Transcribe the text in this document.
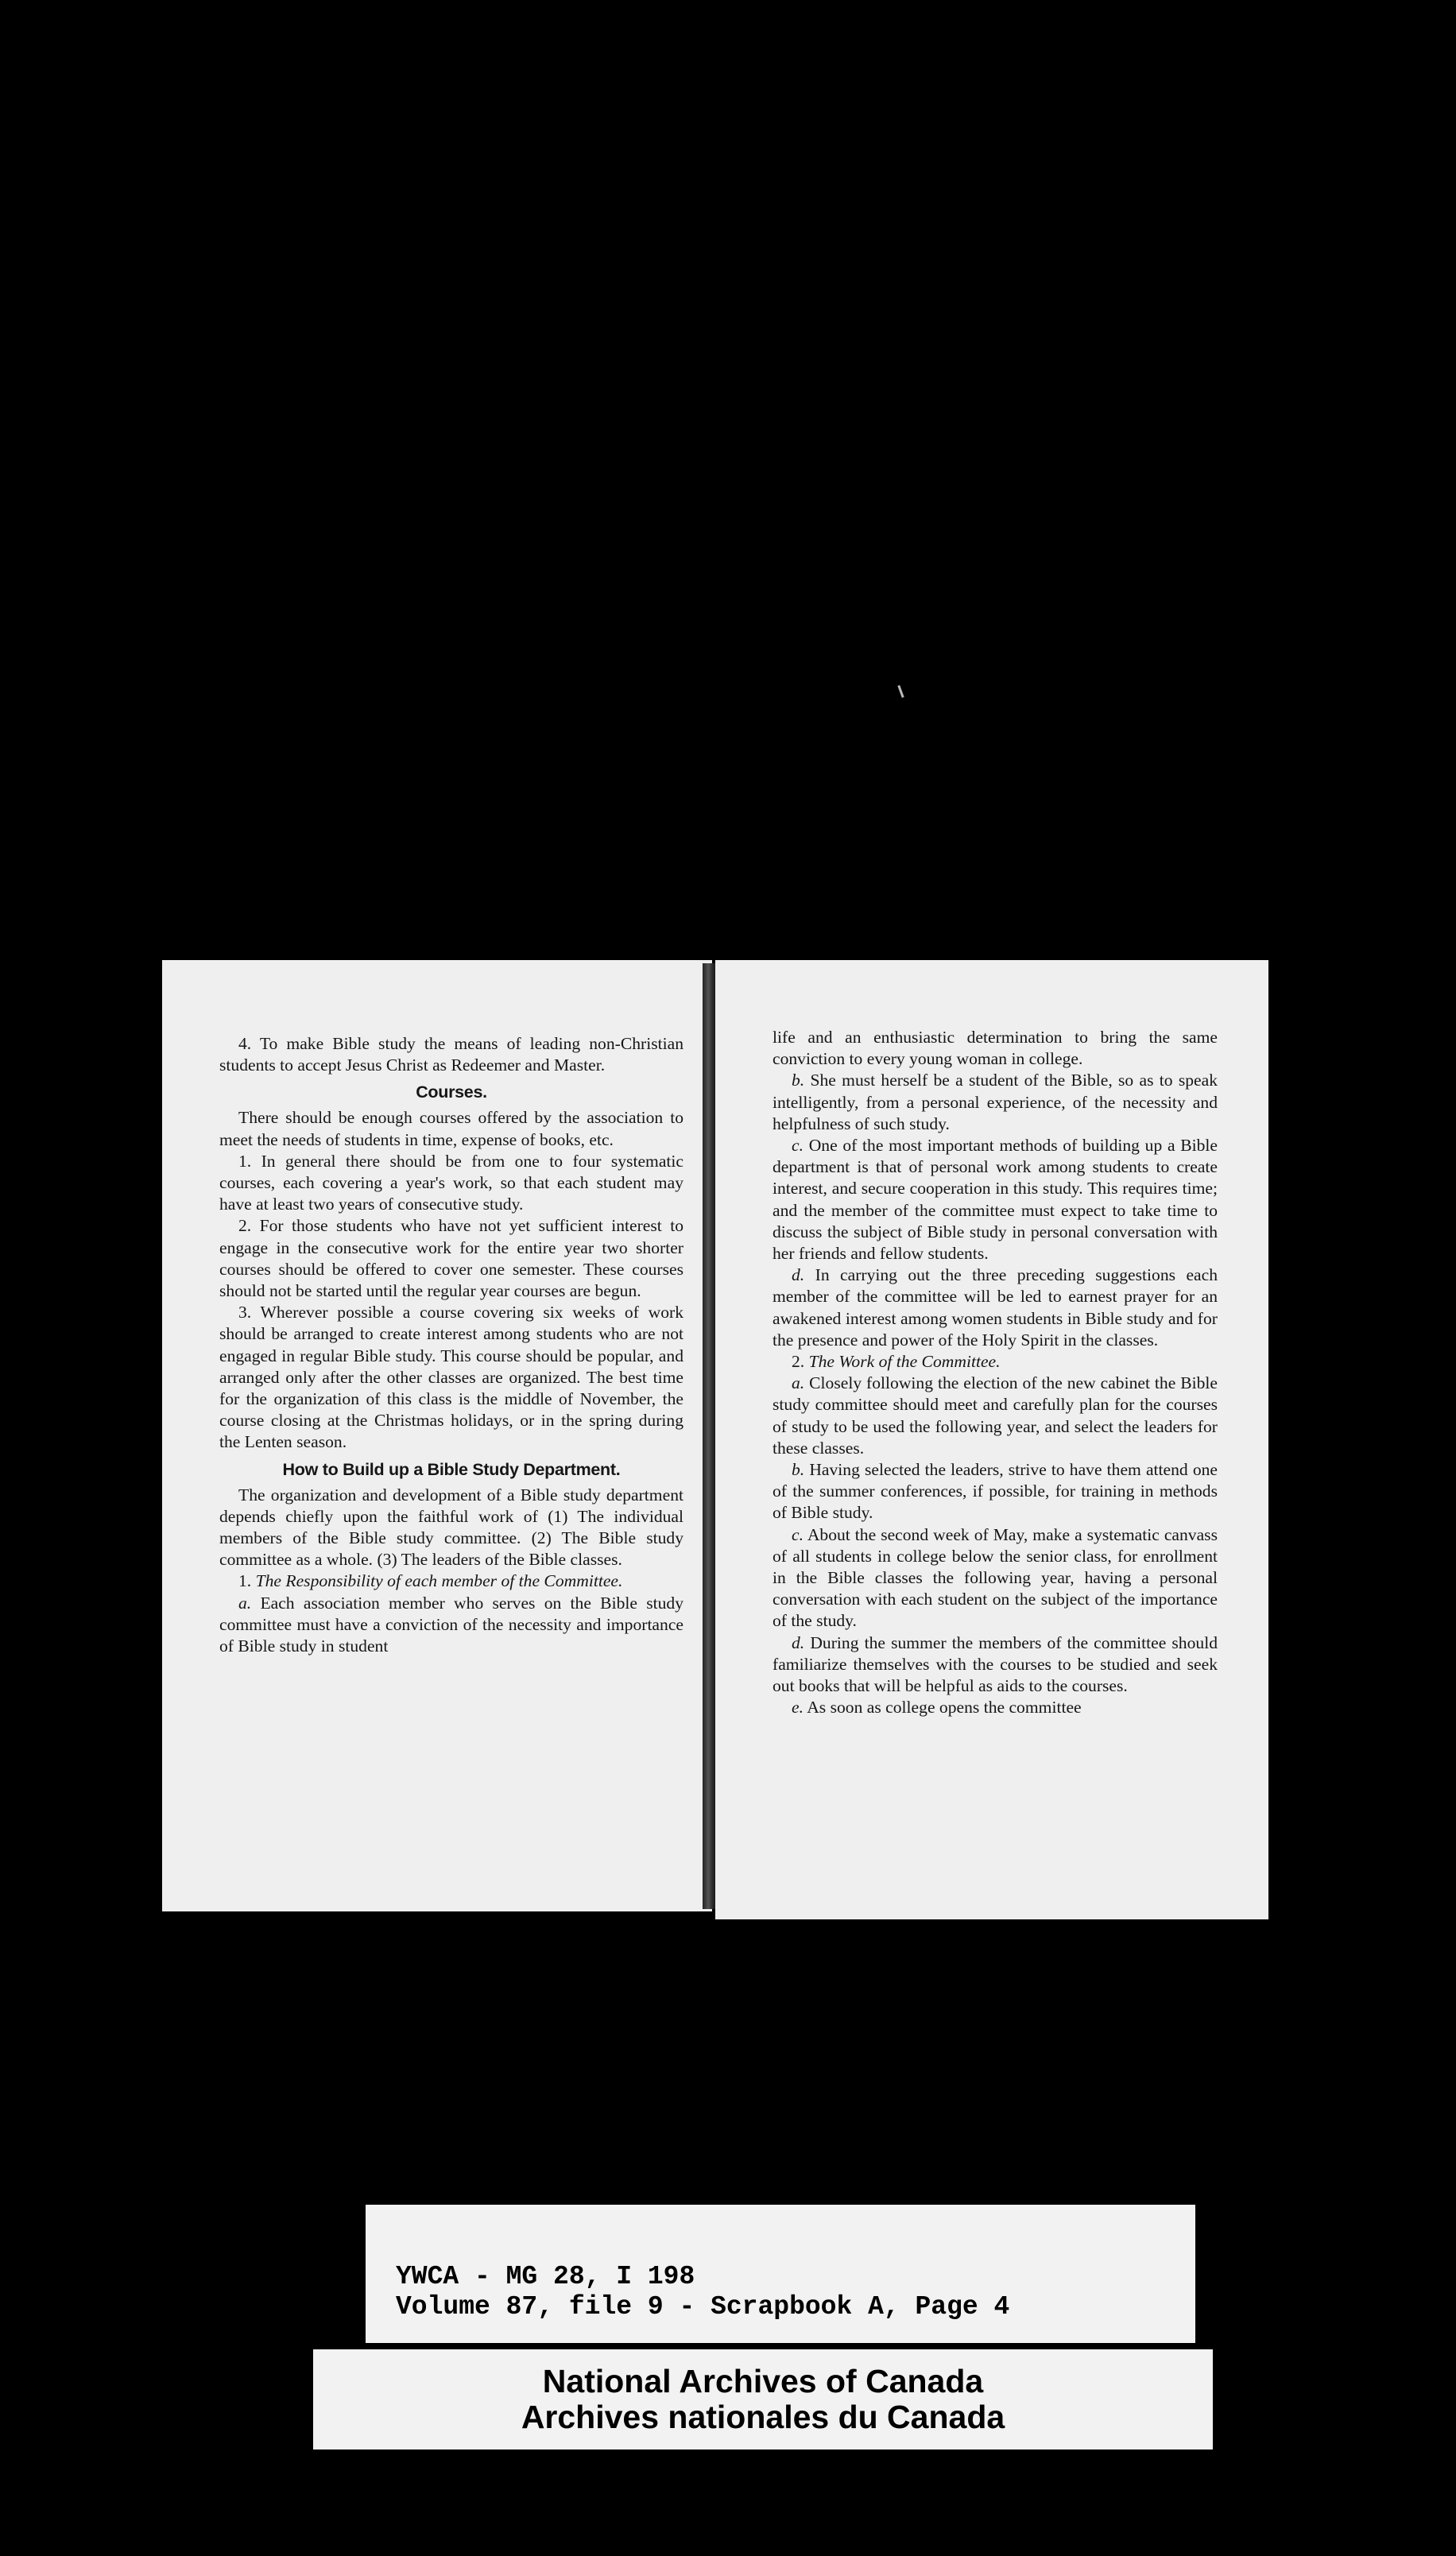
4. To make Bible study the means of leading non-Christian students to accept Jesus Christ as Redeemer and Master.

Courses.

There should be enough courses offered by the association to meet the needs of students in time, expense of books, etc.

1. In general there should be from one to four systematic courses, each covering a year's work, so that each student may have at least two years of consecutive study.

2. For those students who have not yet sufficient interest to engage in the consecutive work for the entire year two shorter courses should be offered to cover one semester. These courses should not be started until the regular year courses are begun.

3. Wherever possible a course covering six weeks of work should be arranged to create interest among students who are not engaged in regular Bible study. This course should be popular, and arranged only after the other classes are organized. The best time for the organization of this class is the middle of November, the course closing at the Christmas holidays, or in the spring during the Lenten season.

How to Build up a Bible Study Department.

The organization and development of a Bible study department depends chiefly upon the faithful work of (1) The individual members of the Bible study committee. (2) The Bible study committee as a whole. (3) The leaders of the Bible classes.

1. The Responsibility of each member of the Committee.

a. Each association member who serves on the Bible study committee must have a conviction of the necessity and importance of Bible study in student

life and an enthusiastic determination to bring the same conviction to every young woman in college.

b. She must herself be a student of the Bible, so as to speak intelligently, from a personal experience, of the necessity and helpfulness of such study.

c. One of the most important methods of building up a Bible department is that of personal work among students to create interest, and secure cooperation in this study. This requires time; and the member of the committee must expect to take time to discuss the subject of Bible study in personal conversation with her friends and fellow students.

d. In carrying out the three preceding suggestions each member of the committee will be led to earnest prayer for an awakened interest among women students in Bible study and for the presence and power of the Holy Spirit in the classes.

2. The Work of the Committee.

a. Closely following the election of the new cabinet the Bible study committee should meet and carefully plan for the courses of study to be used the following year, and select the leaders for these classes.

b. Having selected the leaders, strive to have them attend one of the summer conferences, if possible, for training in methods of Bible study.

c. About the second week of May, make a systematic canvass of all students in college below the senior class, for enrollment in the Bible classes the following year, having a personal conversation with each student on the subject of the importance of the study.

d. During the summer the members of the committee should familiarize themselves with the courses to be studied and seek out books that will be helpful as aids to the courses.

e. As soon as college opens the committee

YWCA - MG 28, I 198
Volume 87, file 9 - Scrapbook A, Page 4
National Archives of Canada
Archives nationales du Canada
